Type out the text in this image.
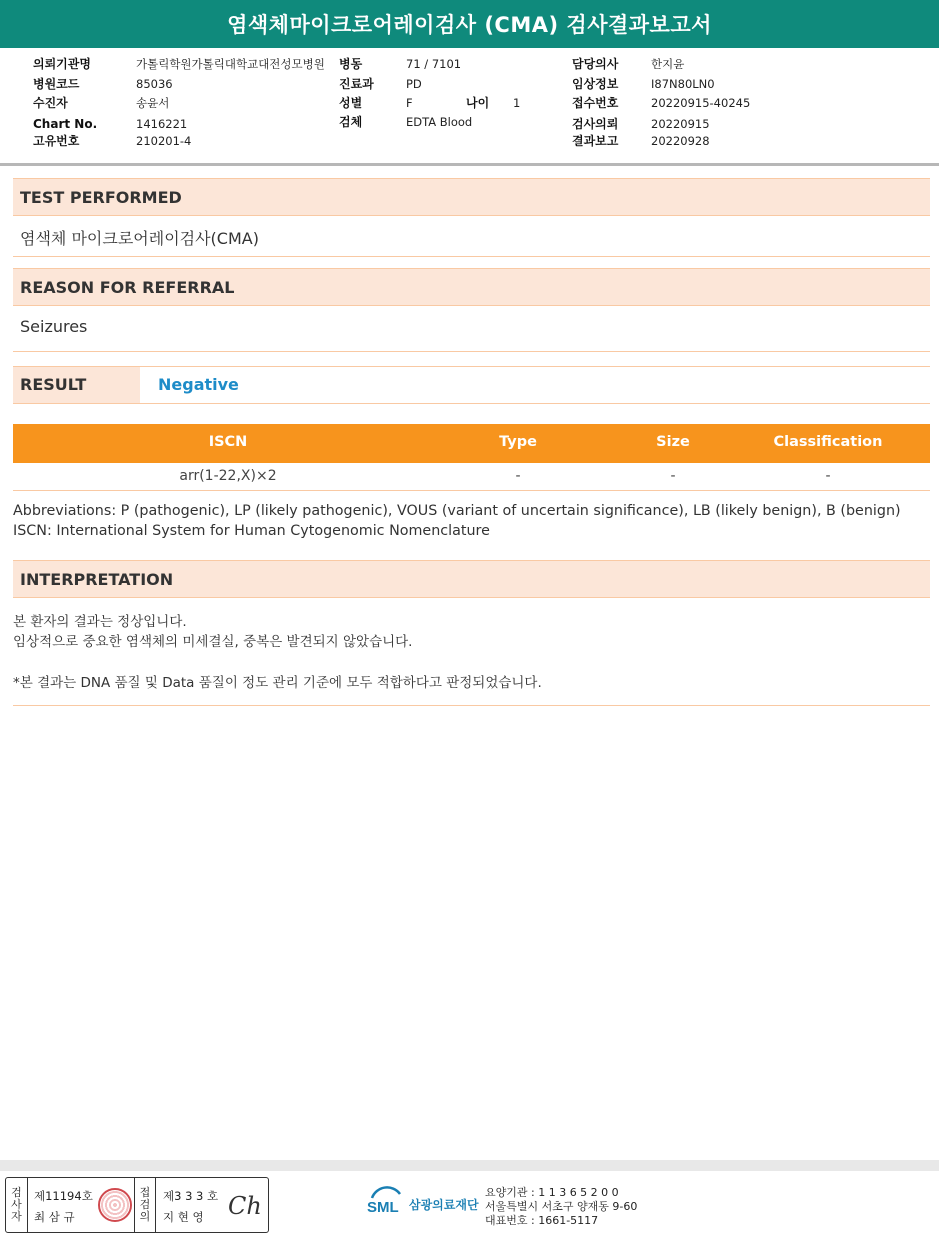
염색체마이크로어레이검사 (CMA) 검사결과보고서
의뢰기관명	가톨릭학원가톨릭대학교대전성모병원
병원코드	85036
수진자	송윤서
Chart No.	1416221
고유번호	210201-4
병동	71 / 7101
진료과	PD
성별	F	나이 1
검체	EDTA Blood
담당의사	한지윤
임상정보	I87N80LN0
접수번호	20220915-40245
검사의뢰	20220915
결과보고	20220928
TEST PERFORMED
염색체 마이크로어레이검사(CMA)
REASON FOR REFERRAL
Seizures
RESULT	Negative
ISCN	Type	Size	Classification
arr(1-22,X)×2	-	-	-
Abbreviations: P (pathogenic), LP (likely pathogenic), VOUS (variant of uncertain significance), LB (likely benign), B (benign)
ISCN: International System for Human Cytogenomic Nomenclature
INTERPRETATION
본 환자의 결과는 정상입니다.
임상적으로 중요한 염색체의 미세결실, 중복은 발견되지 않았습니다.
*본 결과는 DNA 품질 및 Data 품질이 정도 관리 기준에 모두 적합하다고 판정되었습니다.
검
사
자
제11194호
최 삼 규
접
검
의
제3 3 3 호
지 현 영 Ch	SML 삼광의료재단
요양기관 : 1 1 3 6 5 2 0 0
서울특별시 서초구 양재동 9-60
대표번호 : 1661-5117
